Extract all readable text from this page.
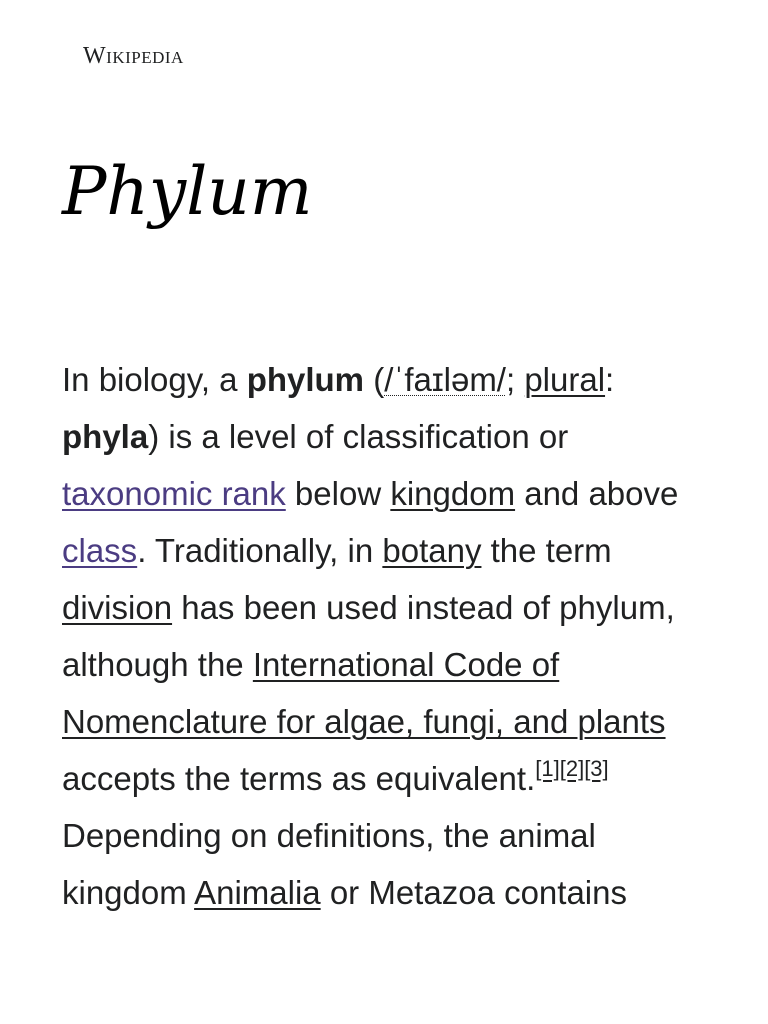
Wikipedia
Phylum

In biology, a phylum (/ˈfaɪləm/; plural: phyla) is a level of classification or taxonomic rank below kingdom and above class. Traditionally, in botany the term division has been used instead of phylum, although the International Code of Nomenclature for algae, fungi, and plants accepts the terms as equivalent.[1][2][3] Depending on definitions, the animal kingdom Animalia or Metazoa contains
